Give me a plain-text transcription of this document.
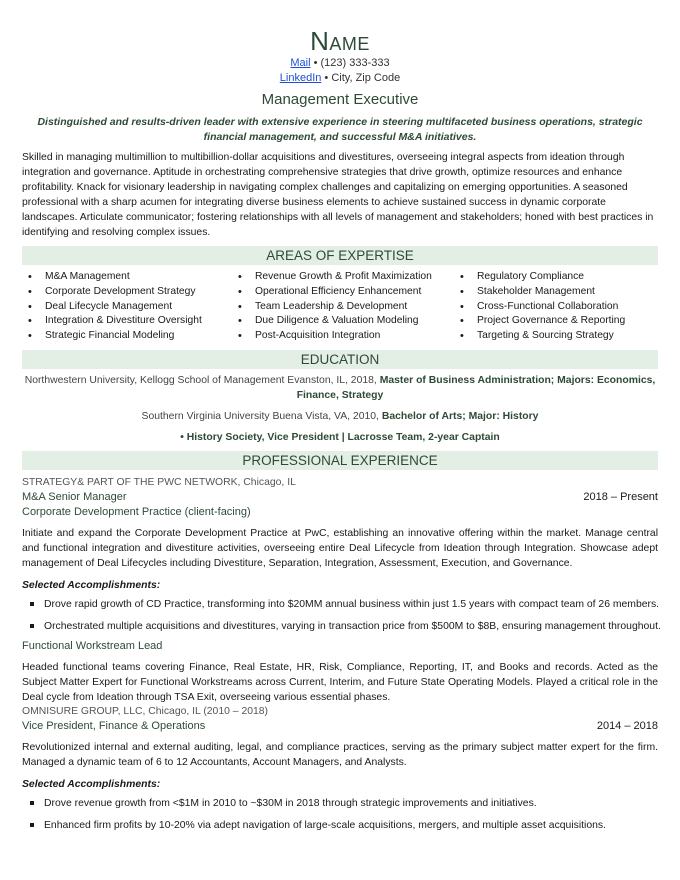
Name
Mail • (123) 333-333
LinkedIn • City, Zip Code
Management Executive
Distinguished and results-driven leader with extensive experience in steering multifaceted business operations, strategic financial management, and successful M&A initiatives.
Skilled in managing multimillion to multibillion-dollar acquisitions and divestitures, overseeing integral aspects from ideation through integration and governance. Aptitude in orchestrating comprehensive strategies that drive growth, optimize resources and enhance profitability. Knack for visionary leadership in navigating complex challenges and capitalizing on emerging opportunities. A seasoned professional with a sharp acumen for integrating diverse business elements to achieve sustained success in dynamic corporate landscapes. Articulate communicator; fostering relationships with all levels of management and stakeholders; honed with best practices in identifying and resolving complex issues.
AREAS OF EXPERTISE
• M&A Management
• Corporate Development Strategy
• Deal Lifecycle Management
• Integration & Divestiture Oversight
• Strategic Financial Modeling
• Revenue Growth & Profit Maximization
• Operational Efficiency Enhancement
• Team Leadership & Development
• Due Diligence & Valuation Modeling
• Post-Acquisition Integration
• Regulatory Compliance
• Stakeholder Management
• Cross-Functional Collaboration
• Project Governance & Reporting
• Targeting & Sourcing Strategy
EDUCATION
Northwestern University, Kellogg School of Management Evanston, IL, 2018, Master of Business Administration; Majors: Economics, Finance, Strategy
Southern Virginia University Buena Vista, VA, 2010, Bachelor of Arts; Major: History
• History Society, Vice President | Lacrosse Team, 2-year Captain
PROFESSIONAL EXPERIENCE
STRATEGY& PART OF THE PWC NETWORK, Chicago, IL
M&A Senior Manager	2018 – Present
Corporate Development Practice (client-facing)
Initiate and expand the Corporate Development Practice at PwC, establishing an innovative offering within the market. Manage central and functional integration and divestiture activities, overseeing entire Deal Lifecycle from Ideation through Integration. Showcase adept management of Deal Lifecycles including Divestiture, Separation, Integration, Assessment, Execution, and Governance.
Selected Accomplishments:
Drove rapid growth of CD Practice, transforming into $20MM annual business within just 1.5 years with compact team of 26 members.
Orchestrated multiple acquisitions and divestitures, varying in transaction price from $500M to $8B, ensuring management throughout.
Functional Workstream Lead
Headed functional teams covering Finance, Real Estate, HR, Risk, Compliance, Reporting, IT, and Books and records. Acted as the Subject Matter Expert for Functional Workstreams across Current, Interim, and Future State Operating Models. Played a critical role in the Deal cycle from Ideation through TSA Exit, overseeing various essential phases.
OMNISURE GROUP, LLC, Chicago, IL (2010 – 2018)
Vice President, Finance & Operations	2014 – 2018
Revolutionized internal and external auditing, legal, and compliance practices, serving as the primary subject matter expert for the firm. Managed a dynamic team of 6 to 12 Accountants, Account Managers, and Analysts.
Selected Accomplishments:
Drove revenue growth from <$1M in 2010 to ~$30M in 2018 through strategic improvements and initiatives.
Enhanced firm profits by 10-20% via adept navigation of large-scale acquisitions, mergers, and multiple asset acquisitions.
